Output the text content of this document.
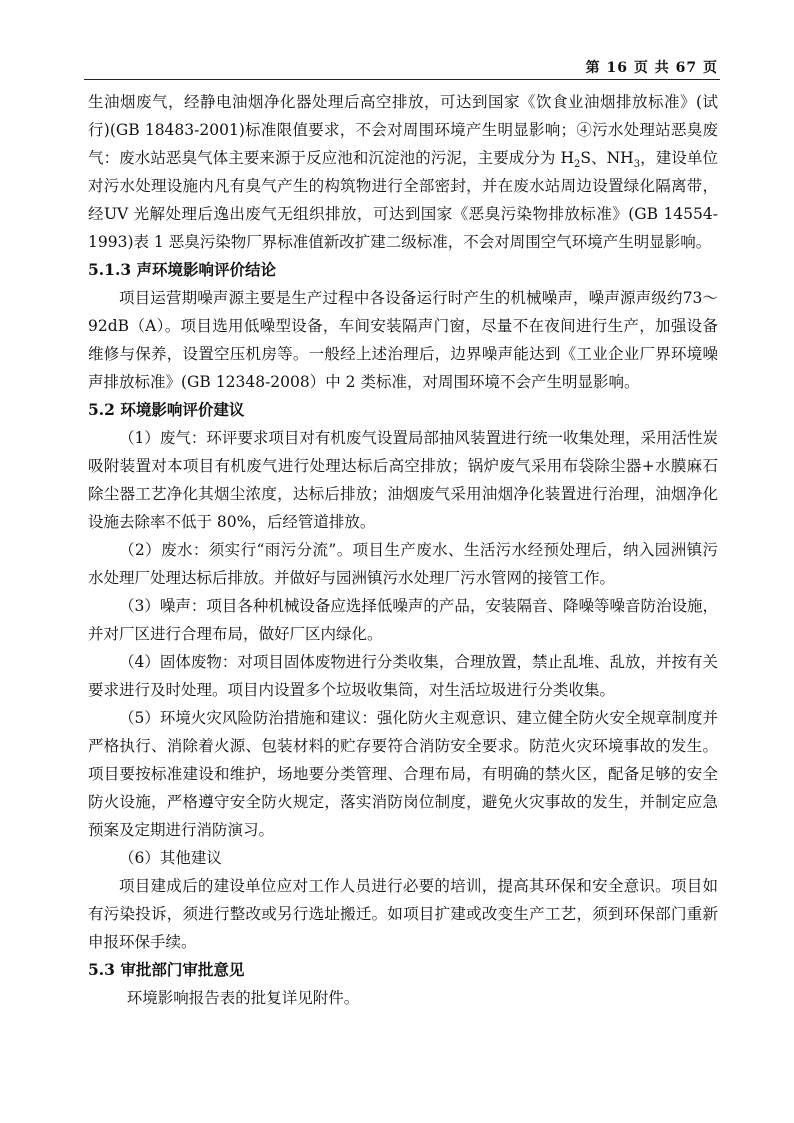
第 16 页 共 67 页

生油烟废气，经静电油烟净化器处理后高空排放，可达到国家《饮食业油烟排放标准》(试行)(GB 18483-2001)标准限值要求，不会对周围环境产生明显影响；④污水处理站恶臭废气：废水站恶臭气体主要来源于反应池和沉淀池的污泥，主要成分为 $H_2S$、$NH_3$，建设单位对污水处理设施内凡有臭气产生的构筑物进行全部密封，并在废水站周边设置绿化隔离带，经UV 光解处理后逸出废气无组织排放，可达到国家《恶臭污染物排放标准》(GB 14554-1993)表 1 恶臭污染物厂界标准值新改扩建二级标准，不会对周围空气环境产生明显影响。

5.1.3 声环境影响评价结论

项目运营期噪声源主要是生产过程中各设备运行时产生的机械噪声，噪声源声级约73～92dB（A）。项目选用低噪型设备，车间安装隔声门窗，尽量不在夜间进行生产，加强设备维修与保养，设置空压机房等。一般经上述治理后，边界噪声能达到《工业企业厂界环境噪声排放标准》(GB 12348-2008）中 2 类标准，对周围环境不会产生明显影响。

5.2 环境影响评价建议

（1）废气：环评要求项目对有机废气设置局部抽风装置进行统一收集处理，采用活性炭吸附装置对本项目有机废气进行处理达标后高空排放；锅炉废气采用布袋除尘器+水膜麻石除尘器工艺净化其烟尘浓度，达标后排放；油烟废气采用油烟净化装置进行治理，油烟净化设施去除率不低于 80%，后经管道排放。

（2）废水：须实行“雨污分流”。项目生产废水、生活污水经预处理后，纳入园洲镇污水处理厂处理达标后排放。并做好与园洲镇污水处理厂污水管网的接管工作。

（3）噪声：项目各种机械设备应选择低噪声的产品，安装隔音、降噪等噪音防治设施，并对厂区进行合理布局，做好厂区内绿化。

（4）固体废物：对项目固体废物进行分类收集，合理放置，禁止乱堆、乱放，并按有关要求进行及时处理。项目内设置多个垃圾收集筒，对生活垃圾进行分类收集。

（5）环境火灾风险防治措施和建议：强化防火主观意识、建立健全防火安全规章制度并严格执行、消除着火源、包装材料的贮存要符合消防安全要求。防范火灾环境事故的发生。项目要按标准建设和维护，场地要分类管理、合理布局，有明确的禁火区，配备足够的安全防火设施，严格遵守安全防火规定，落实消防岗位制度，避免火灾事故的发生，并制定应急预案及定期进行消防演习。

（6）其他建议

项目建成后的建设单位应对工作人员进行必要的培训，提高其环保和安全意识。项目如有污染投诉，须进行整改或另行选址搬迁。如项目扩建或改变生产工艺，须到环保部门重新申报环保手续。

5.3 审批部门审批意见

环境影响报告表的批复详见附件。
